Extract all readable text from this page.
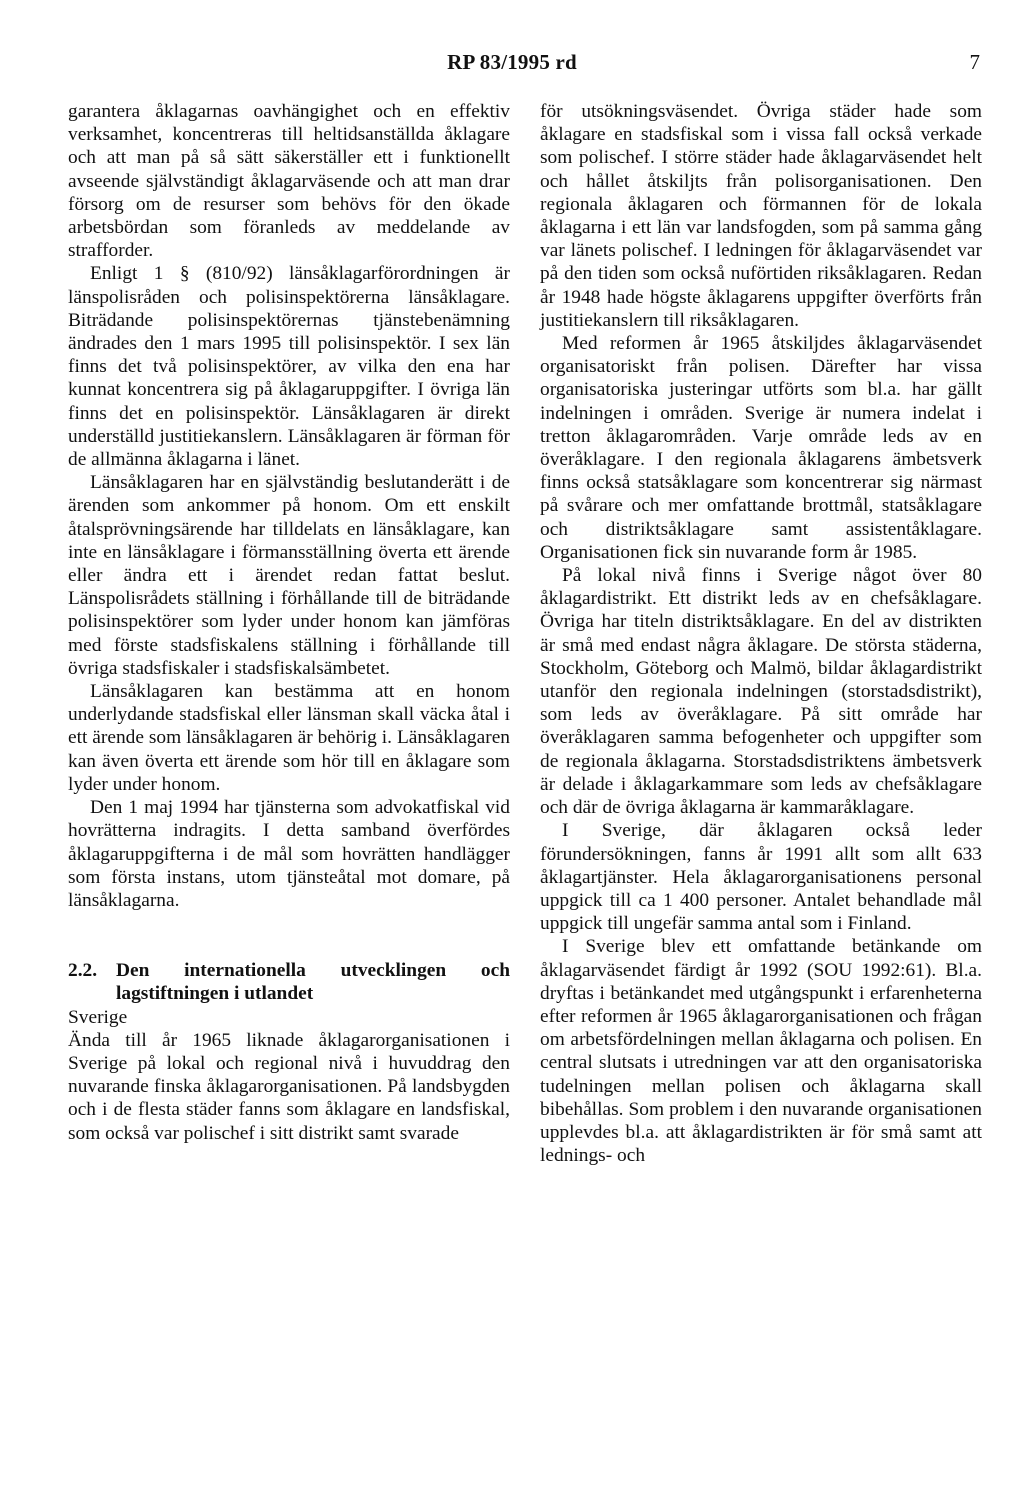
RP 83/1995 rd	7

garantera åklagarnas oavhängighet och en effektiv verksamhet, koncentreras till heltidsanställda åklagare och att man på så sätt säkerställer ett i funktionellt avseende självständigt åklagarväsende och att man drar försorg om de resurser som behövs för den ökade arbetsbördan som föranleds av meddelande av strafforder.

Enligt 1 § (810/92) länsåklagarförordningen är länspolisråden och polisinspektörerna länsåklagare. Biträdande polisinspektörernas tjänstebenämning ändrades den 1 mars 1995 till polisinspektör. I sex län finns det två polisinspektörer, av vilka den ena har kunnat koncentrera sig på åklagaruppgifter. I övriga län finns det en polisinspektör. Länsåklagaren är direkt underställd justitiekanslern. Länsåklagaren är förman för de allmänna åklagarna i länet.

Länsåklagaren har en självständig beslutanderätt i de ärenden som ankommer på honom. Om ett enskilt åtalsprövningsärende har tilldelats en länsåklagare, kan inte en länsåklagare i förmansställning överta ett ärende eller ändra ett i ärendet redan fattat beslut. Länspolisrådets ställning i förhållande till de biträdande polisinspektörer som lyder under honom kan jämföras med förste stadsfiskalens ställning i förhållande till övriga stadsfiskaler i stadsfiskalsämbetet.

Länsåklagaren kan bestämma att en honom underlydande stadsfiskal eller länsman skall väcka åtal i ett ärende som länsåklagaren är behörig i. Länsåklagaren kan även överta ett ärende som hör till en åklagare som lyder under honom.

Den 1 maj 1994 har tjänsterna som advokatfiskal vid hovrätterna indragits. I detta samband överfördes åklagaruppgifterna i de mål som hovrätten handlägger som första instans, utom tjänsteåtal mot domare, på länsåklagarna.

2.2. Den internationella utvecklingen och lagstiftningen i utlandet

Sverige

Ända till år 1965 liknade åklagarorganisationen i Sverige på lokal och regional nivå i huvuddrag den nuvarande finska åklagarorganisationen. På landsbygden och i de flesta städer fanns som åklagare en landsfiskal, som också var polischef i sitt distrikt samt svarade

för utsökningsväsendet. Övriga städer hade som åklagare en stadsfiskal som i vissa fall också verkade som polischef. I större städer hade åklagarväsendet helt och hållet åtskiljts från polisorganisationen. Den regionala åklagaren och förmannen för de lokala åklagarna i ett län var landsfogden, som på samma gång var länets polischef. I ledningen för åklagarväsendet var på den tiden som också nuförtiden riksåklagaren. Redan år 1948 hade högste åklagarens uppgifter överförts från justitiekanslern till riksåklagaren.

Med reformen år 1965 åtskiljdes åklagarväsendet organisatoriskt från polisen. Därefter har vissa organisatoriska justeringar utförts som bl.a. har gällt indelningen i områden. Sverige är numera indelat i tretton åklagarområden. Varje område leds av en överåklagare. I den regionala åklagarens ämbetsverk finns också statsåklagare som koncentrerar sig närmast på svårare och mer omfattande brottmål, statsåklagare och distriktsåklagare samt assistentåklagare. Organisationen fick sin nuvarande form år 1985.

På lokal nivå finns i Sverige något över 80 åklagardistrikt. Ett distrikt leds av en chefsåklagare. Övriga har titeln distriktsåklagare. En del av distrikten är små med endast några åklagare. De största städerna, Stockholm, Göteborg och Malmö, bildar åklagardistrikt utanför den regionala indelningen (storstadsdistrikt), som leds av överåklagare. På sitt område har överåklagaren samma befogenheter och uppgifter som de regionala åklagarna. Storstadsdistriktens ämbetsverk är delade i åklagarkammare som leds av chefsåklagare och där de övriga åklagarna är kammaråklagare.

I Sverige, där åklagaren också leder förundersökningen, fanns år 1991 allt som allt 633 åklagartjänster. Hela åklagarorganisationens personal uppgick till ca 1 400 personer. Antalet behandlade mål uppgick till ungefär samma antal som i Finland.

I Sverige blev ett omfattande betänkande om åklagarväsendet färdigt år 1992 (SOU 1992:61). Bl.a. dryftas i betänkandet med utgångspunkt i erfarenheterna efter reformen år 1965 åklagarorganisationen och frågan om arbetsfördelningen mellan åklagarna och polisen. En central slutsats i utredningen var att den organisatoriska tudelningen mellan polisen och åklagarna skall bibehållas. Som problem i den nuvarande organisationen upplevdes bl.a. att åklagardistrikten är för små samt att lednings- och
